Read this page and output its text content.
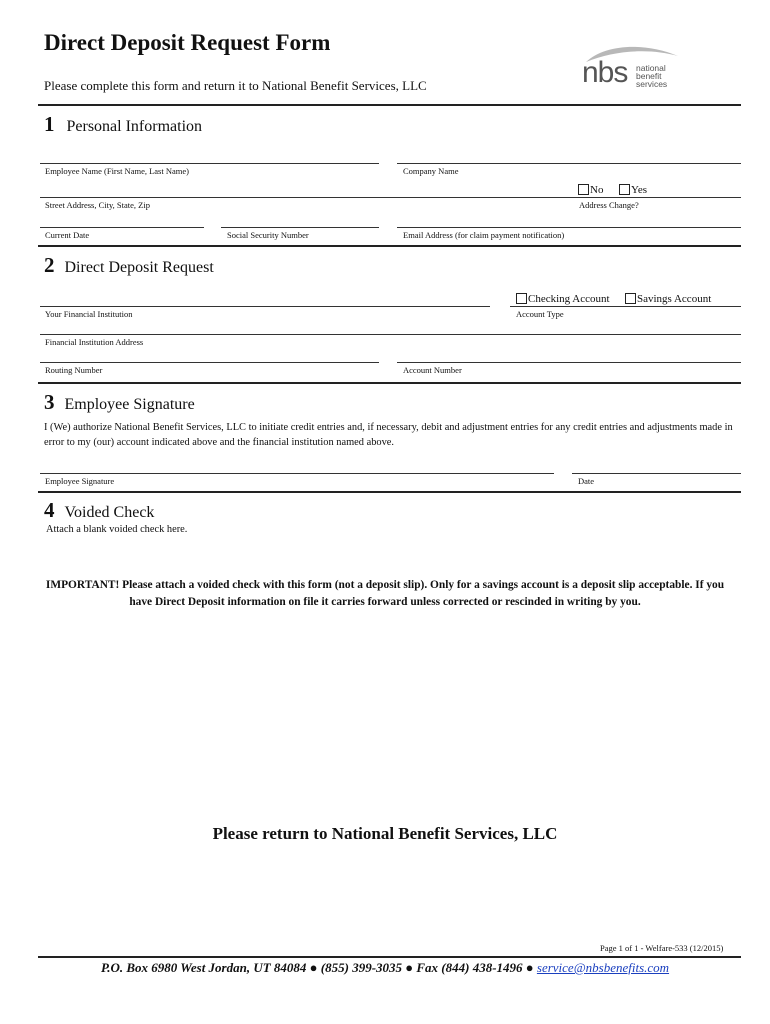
Direct Deposit Request Form
Please complete this form and return it to National Benefit Services, LLC	nbs national
benefit
services
1 Personal Information
Employee Name (First Name, Last Name)	Company Name
No	Yes
Street Address, City, State, Zip	Address Change?
Current Date	Social Security Number	Email Address (for claim payment notification)
2 Direct Deposit Request
Checking Account	Savings Account
Your Financial Institution	Account Type
Financial Institution Address
Routing Number	Account Number
3 Employee Signature
I (We) authorize National Benefit Services, LLC to initiate credit entries and, if necessary, debit and adjustment entries for any credit entries and adjustments made in error to my (our) account indicated above and the financial institution named above.
Employee Signature	Date
4 Voided Check
Attach a blank voided check here.
IMPORTANT! Please attach a voided check with this form (not a deposit slip). Only for a savings account is a deposit slip acceptable. If you have Direct Deposit information on file it carries forward unless corrected or rescinded in writing by you.
Please return to National Benefit Services, LLC
Page 1 of 1 - Welfare-533 (12/2015)
P.O. Box 6980 West Jordan, UT 84084 ● (855) 399-3035 ● Fax (844) 438-1496 ● service@nbsbenefits.com
